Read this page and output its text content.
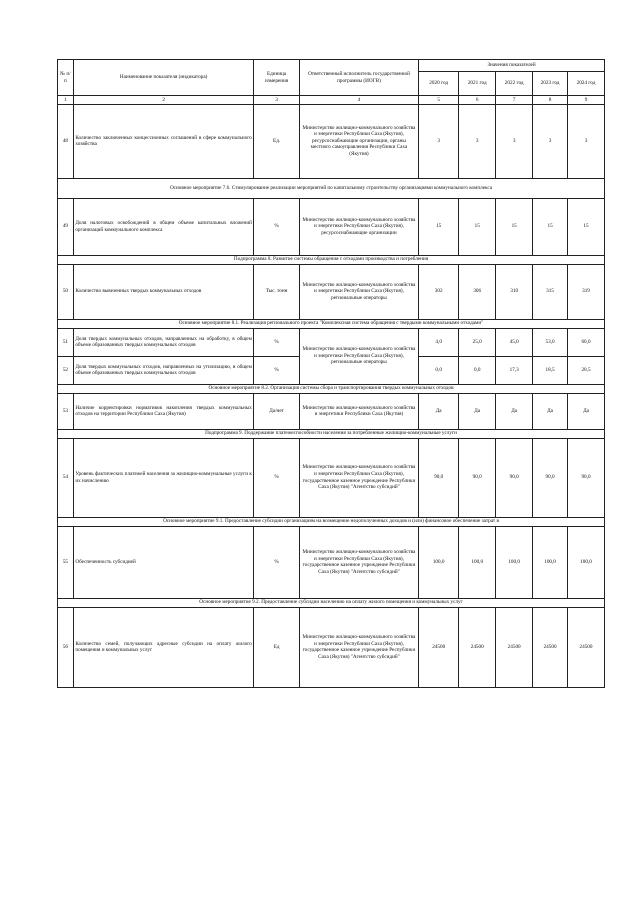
№ п/п	Наименование показателя (индикатора)	Единица измерения	Ответственный исполнитель государственной программы (ИОГВ)	Значения показателей				
				2020 год	2021 год	2022 год	2023 год	2024 год
1	2	3	4	5	6	7	8	9
48	Количество заключенных концессионных соглашений в сфере коммунального хозяйства	Ед.	Министерство жилищно-коммунального хозяйства и энергетики Республики Саха (Якутия), ресурсоснабжающие организации, органы местного самоуправления Республики Саха (Якутия)	3	3	3	3	3
Основное мероприятие 7.6. Стимулирование реализации мероприятий по капитальному строительству организациями коммунального комплекса								
49	Доля налоговых освобождений в общем объеме капитальных вложений организаций коммунального комплекса	%	Министерство жилищно-коммунального хозяйства и энергетики Республики Саха (Якутия), ресурсоснабжающие организации	15	15	15	15	15
Подпрограмма 8. Развитие системы обращения с отходами производства и потребления								
50	Количество вывезенных твердых коммунальных отходов	Тыс. тонн	Министерство жилищно-коммунального хозяйства и энергетики Республики Саха (Якутия), региональные операторы	302	306	310	315	319
Основное мероприятие 8.1. Реализация регионального проекта "Комплексная система обращения с твердыми коммунальными отходами"								
51	Доля твердых коммунальных отходов, направленных на обработку, в общем объеме образованных твердых коммунальных отходов	%	Министерство жилищно-коммунального хозяйства и энергетики Республики Саха (Якутия), региональные операторы	4,0	25,0	45,0	53,0	60,0
52	Доля твердых коммунальных отходов, направленных на утилизацию, в общем объеме образованных твердых коммунальных отходов	%		0,0	0,0	17,3	18,5	20,5
Основное мероприятие 8.2. Организация системы сбора и транспортирования твердых коммунальных отходов								
53	Наличие корректировки нормативов накопления твердых коммунальных отходов на территории Республики Саха (Якутия)	Да/нет	Министерство жилищно-коммунального хозяйства и энергетики Республики Саха (Якутия)	Да	Да	Да	Да	Да
Подпрограмма 9. Поддержание платежеспособности населения за потребленные жилищно-коммунальные услуги								
54	Уровень фактических платежей населения за жилищно-коммунальные услуги к их начислению	%	Министерство жилищно-коммунального хозяйства и энергетики Республики Саха (Якутия), государственное казенное учреждение Республики Саха (Якутия) "Агентство субсидий"	90,0	90,0	90,0	90,0	90,0
Основное мероприятие 9.1. Предоставление субсидии организациям на возмещение недополученных доходов и (или) финансовое обеспечение затрат в								
55	Обеспеченность субсидией	%	Министерство жилищно-коммунального хозяйства и энергетики Республики Саха (Якутия), государственное казенное учреждение Республики Саха (Якутия) "Агентство субсидий"	100,0	100,0	100,0	100,0	100,0
Основное мероприятие 9.2. Предоставление субсидии населению на оплату жилого помещения и коммунальных услуг								
56	Количество семей, получающих адресные субсидии на оплату жилого помещения и коммунальных услуг	Ед	Министерство жилищно-коммунального хозяйства и энергетики Республики Саха (Якутия), государственное казенное учреждение Республики Саха (Якутия) "Агентство субсидий"	24500	24500	24500	24500	24500
